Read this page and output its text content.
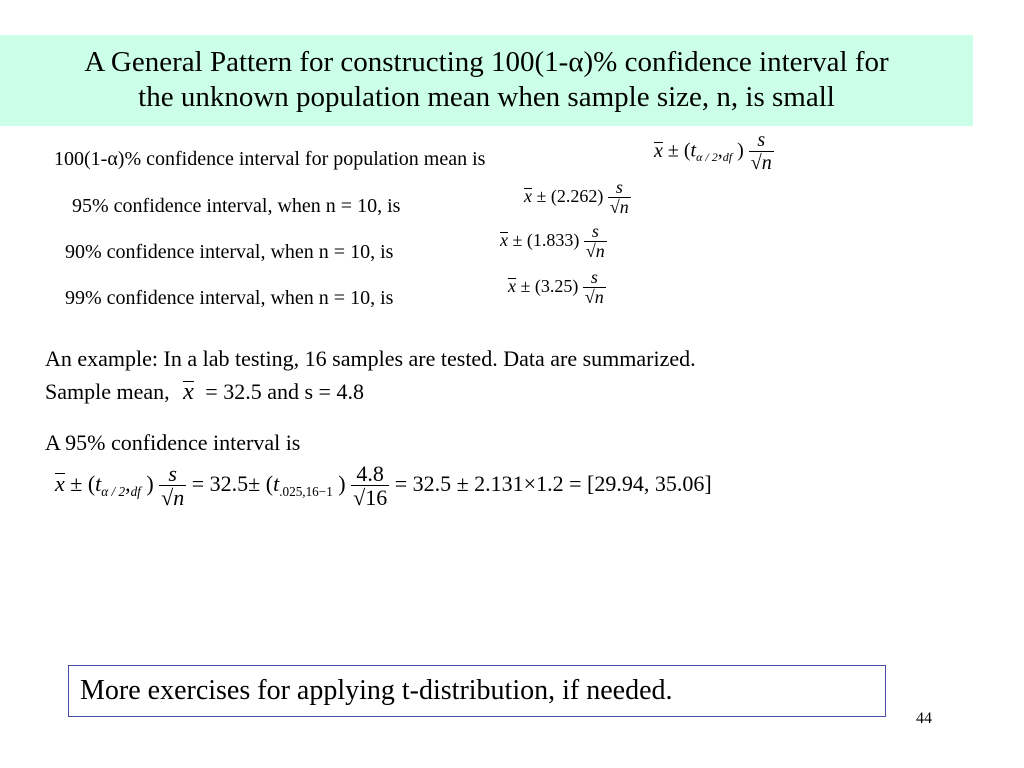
A General Pattern for constructing 100(1-α)% confidence interval for
the unknown population mean when sample size, n, is small
100(1-α)% confidence interval for population mean is	$x \pm (t_{\alpha / 2},_{df}$ ) $\frac{s}{√n}$
95% confidence interval, when n = 10, is	$x \pm (2.262) \frac{s}{√n}$
90% confidence interval, when n = 10, is
$x \pm (1.833) \frac{s}{√n}$
99% confidence interval, when n = 10, is
$x \pm (3.25) \frac{s}{√n}$
An example: In a lab testing, 16 samples are tested. Data are summarized.
Sample mean, x = 32.5 and s = 4.8
A 95% confidence interval is
$x \pm (t_{\alpha / 2},_{df}$ ) $\frac{s}{√n} = 32.5\pm (t_{.025,16-1}$ ) $\frac{4.8}{√16} = 32.5 \pm 2.131\times 1.2 = [29.94$, 35.06]
More exercises for applying t-distribution, if needed.
44
